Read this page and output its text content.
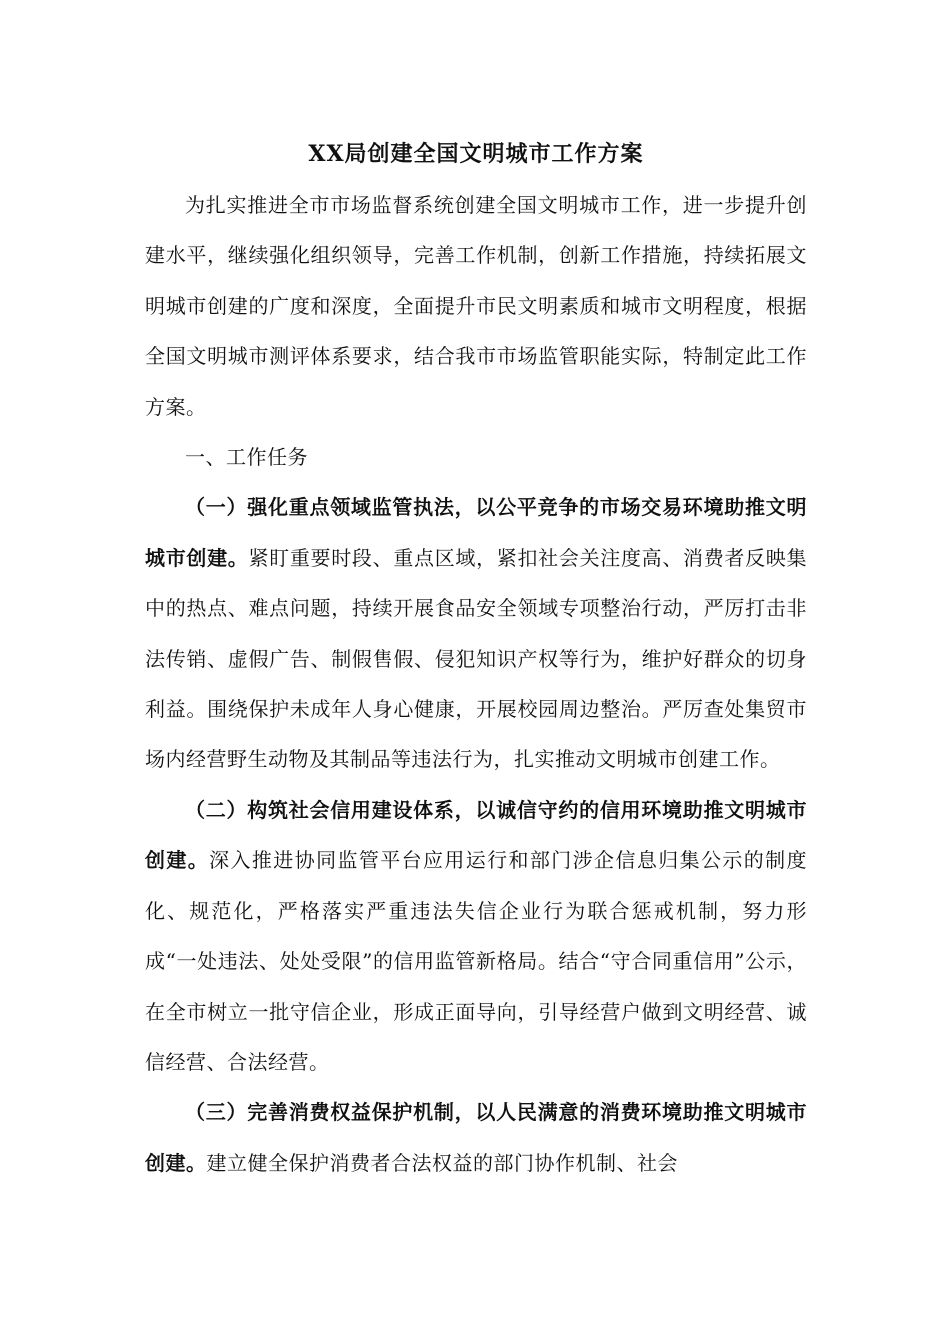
XX局创建全国文明城市工作方案

为扎实推进全市市场监督系统创建全国文明城市工作，进一步提升创建水平，继续强化组织领导，完善工作机制，创新工作措施，持续拓展文明城市创建的广度和深度，全面提升市民文明素质和城市文明程度，根据全国文明城市测评体系要求，结合我市市场监管职能实际，特制定此工作方案。

一、工作任务

（一）强化重点领域监管执法，以公平竞争的市场交易环境助推文明城市创建。紧盯重要时段、重点区域，紧扣社会关注度高、消费者反映集中的热点、难点问题，持续开展食品安全领域专项整治行动，严厉打击非法传销、虚假广告、制假售假、侵犯知识产权等行为，维护好群众的切身利益。围绕保护未成年人身心健康，开展校园周边整治。严厉查处集贸市场内经营野生动物及其制品等违法行为，扎实推动文明城市创建工作。

（二）构筑社会信用建设体系，以诚信守约的信用环境助推文明城市创建。深入推进协同监管平台应用运行和部门涉企信息归集公示的制度化、规范化，严格落实严重违法失信企业行为联合惩戒机制，努力形成“一处违法、处处受限”的信用监管新格局。结合“守合同重信用”公示，在全市树立一批守信企业，形成正面导向，引导经营户做到文明经营、诚信经营、合法经营。

（三）完善消费权益保护机制，以人民满意的消费环境助推文明城市创建。建立健全保护消费者合法权益的部门协作机制、社会
